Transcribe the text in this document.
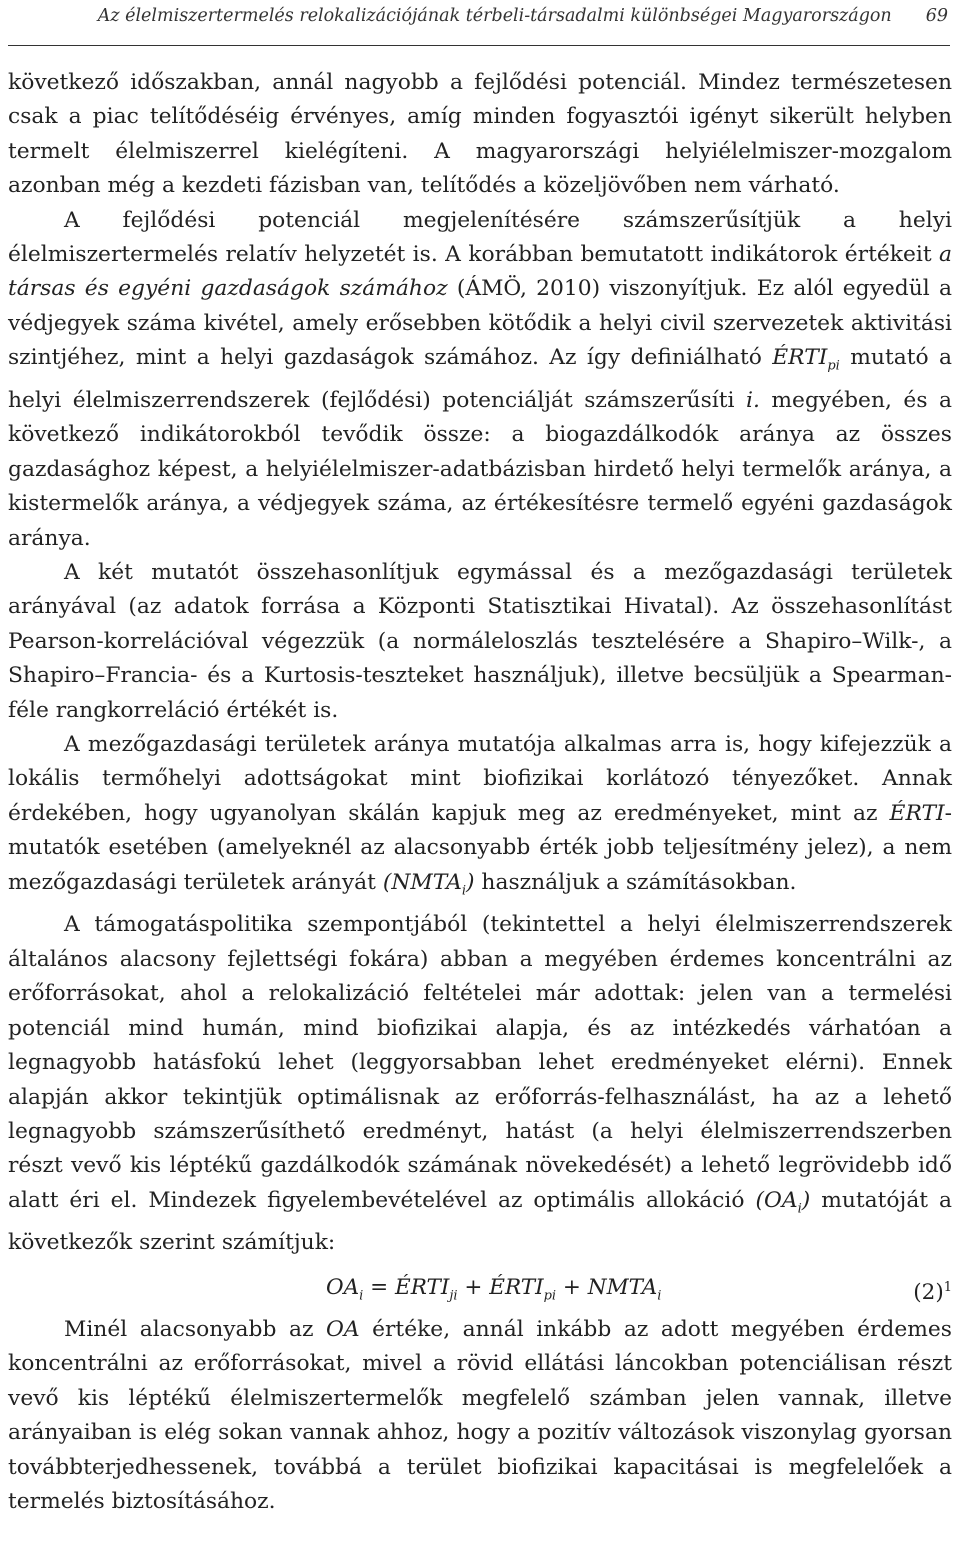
Az élelmiszertermelés relokalizációjának térbeli-társadalmi különbségei Magyarországon 69

következő időszakban, annál nagyobb a fejlődési potenciál. Mindez természetesen csak a piac telítődéséig érvényes, amíg minden fogyasztói igényt sikerült helyben termelt élelmiszerrel kielégíteni. A magyarországi helyiélelmiszer-mozgalom azonban még a kezdeti fázisban van, telítődés a közeljövőben nem várható.

A fejlődési potenciál megjelenítésére számszerűsítjük a helyi élelmiszertermelés relatív helyzetét is. A korábban bemutatott indikátorok értékeit a társas és egyéni gazdaságok számához (ÁMÖ, 2010) viszonyítjuk. Ez alól egyedül a védjegyek száma kivétel, amely erősebben kötődik a helyi civil szervezetek aktivitási szintjéhez, mint a helyi gazdaságok számához. Az így definiálható $ÉRTI_{pi}$ mutató a helyi élelmiszerrendszerek (fejlődési) potenciálját számszerűsíti i. megyében, és a következő indikátorokból tevődik össze: a biogazdálkodók aránya az összes gazdasághoz képest, a helyiélelmiszer-adatbázisban hirdető helyi termelők aránya, a kistermelők aránya, a védjegyek száma, az értékesítésre termelő egyéni gazdaságok aránya.

A két mutatót összehasonlítjuk egymással és a mezőgazdasági területek arányával (az adatok forrása a Központi Statisztikai Hivatal). Az összehasonlítást Pearson-korrelációval végezzük (a normáleloszlás tesztelésére a Shapiro–Wilk-, a Shapiro–Francia- és a Kurtosis-teszteket használjuk), illetve becsüljük a Spearman-féle rangkorreláció értékét is.

A mezőgazdasági területek aránya mutatója alkalmas arra is, hogy kifejezzük a lokális termőhelyi adottságokat mint biofizikai korlátozó tényezőket. Annak érdekében, hogy ugyanolyan skálán kapjuk meg az eredményeket, mint az ÉRTI-mutatók esetében (amelyeknél az alacsonyabb érték jobb teljesítmény jelez), a nem mezőgazdasági területek arányát $(NMTA_i)$ használjuk a számításokban.

A támogatáspolitika szempontjából (tekintettel a helyi élelmiszerrendszerek általános alacsony fejlettségi fokára) abban a megyében érdemes koncentrálni az erőforrásokat, ahol a relokalizáció feltételei már adottak: jelen van a termelési potenciál mind humán, mind biofizikai alapja, és az intézkedés várhatóan a legnagyobb hatásfokú lehet (leggyorsabban lehet eredményeket elérni). Ennek alapján akkor tekintjük optimálisnak az erőforrás-felhasználást, ha az a lehető legnagyobb számszerűsíthető eredményt, hatást (a helyi élelmiszerrendszerben részt vevő kis léptékű gazdálkodók számának növekedését) a lehető legrövidebb idő alatt éri el. Mindezek figyelembevételével az optimális allokáció $(OA_i)$ mutatóját a következők szerint számítjuk:

$OA_i$ = $ÉRTI_{ji}$ + $ÉRTI_{pi}$ + $NMTA_i$	$(2)^1$

Minél alacsonyabb az OA értéke, annál inkább az adott megyében érdemes koncentrálni az erőforrásokat, mivel a rövid ellátási láncokban potenciálisan részt vevő kis léptékű élelmiszertermelők megfelelő számban jelen vannak, illetve arányaiban is elég sokan vannak ahhoz, hogy a pozitív változások viszonylag gyorsan továbbterjedhessenek, továbbá a terület biofizikai kapacitásai is megfelelőek a termelés biztosításához.
